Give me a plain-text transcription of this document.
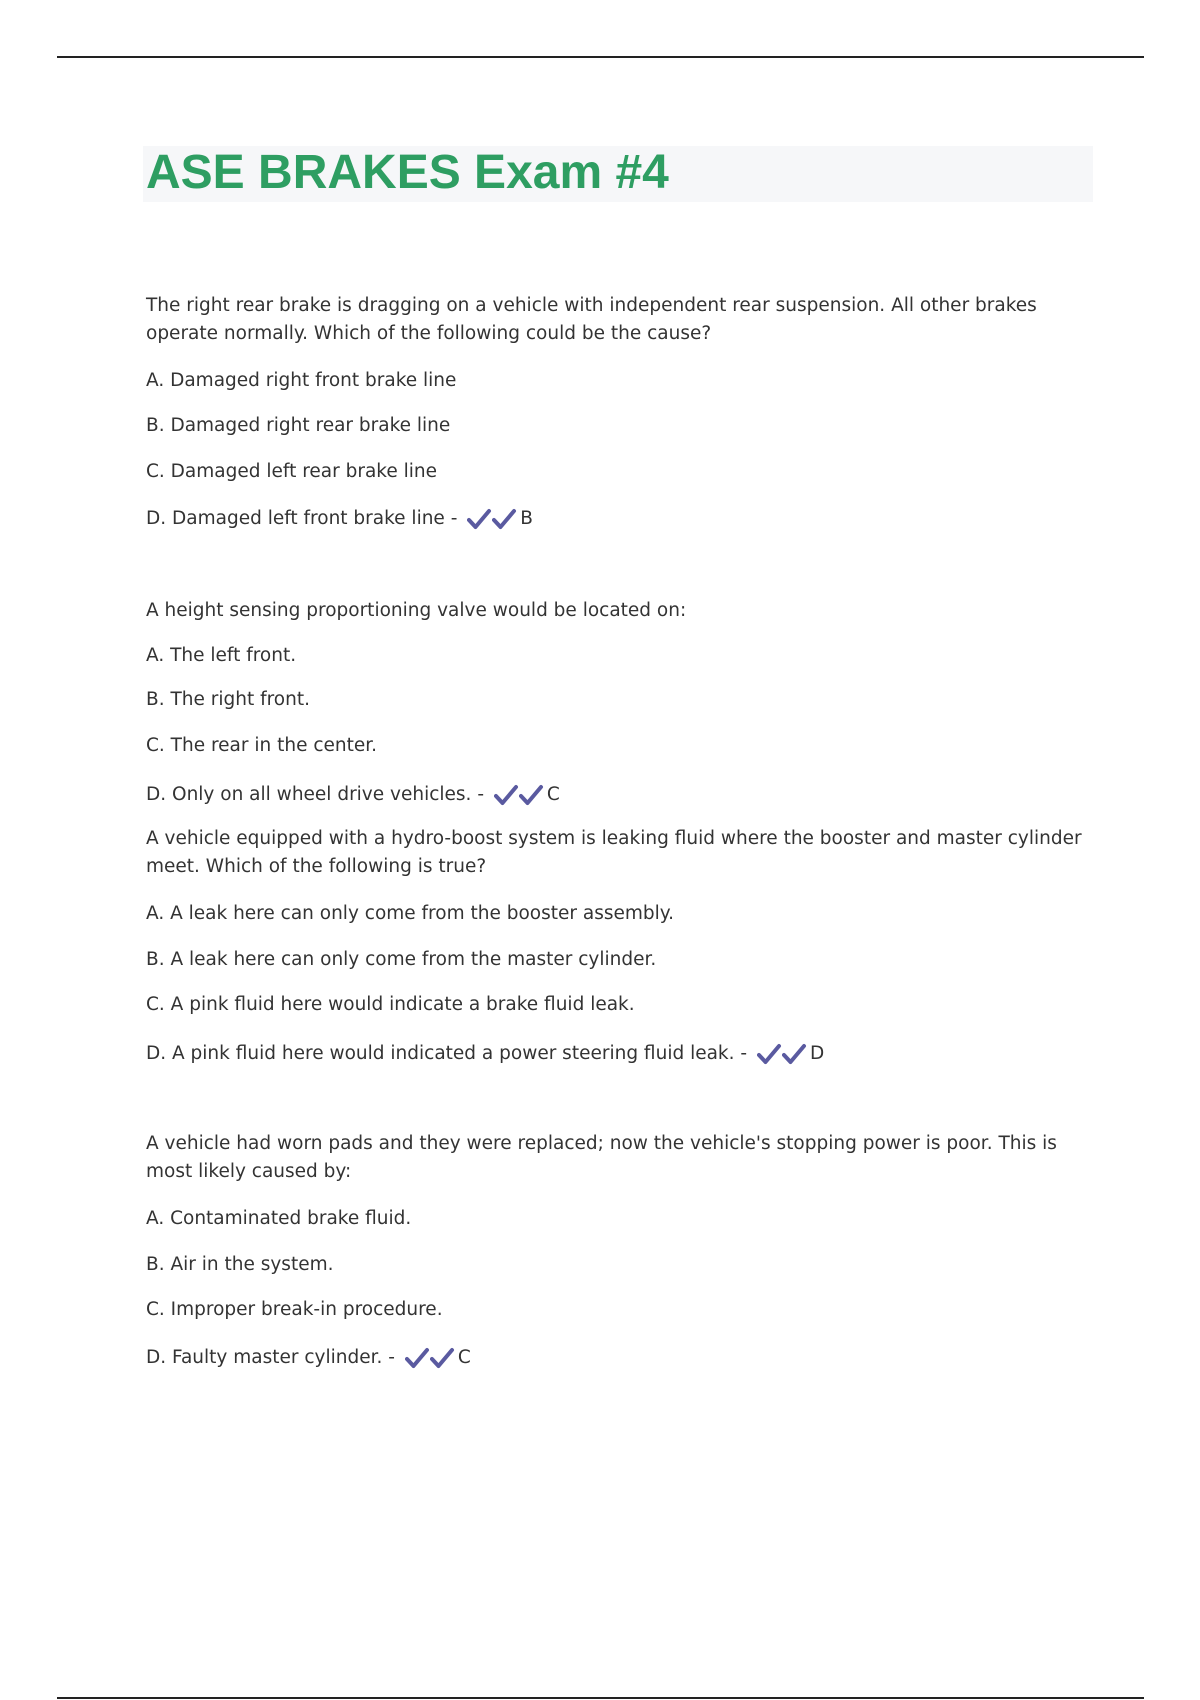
ASE BRAKES Exam #4
The right rear brake is dragging on a vehicle with independent rear suspension. All other brakes operate normally. Which of the following could be the cause?
A. Damaged right front brake line
B. Damaged right rear brake line
C. Damaged left rear brake line
D. Damaged left front brake line -	B
A height sensing proportioning valve would be located on:
A. The left front.
B. The right front.
C. The rear in the center.
D. Only on all wheel drive vehicles. -	C
A vehicle equipped with a hydro-boost system is leaking fluid where the booster and master cylinder meet. Which of the following is true?
A. A leak here can only come from the booster assembly.
B. A leak here can only come from the master cylinder.
C. A pink fluid here would indicate a brake fluid leak.
D. A pink fluid here would indicated a power steering fluid leak. -	D
A vehicle had worn pads and they were replaced; now the vehicle's stopping power is poor. This is most likely caused by:
A. Contaminated brake fluid.
B. Air in the system.
C. Improper break-in procedure.
D. Faulty master cylinder. -	C
